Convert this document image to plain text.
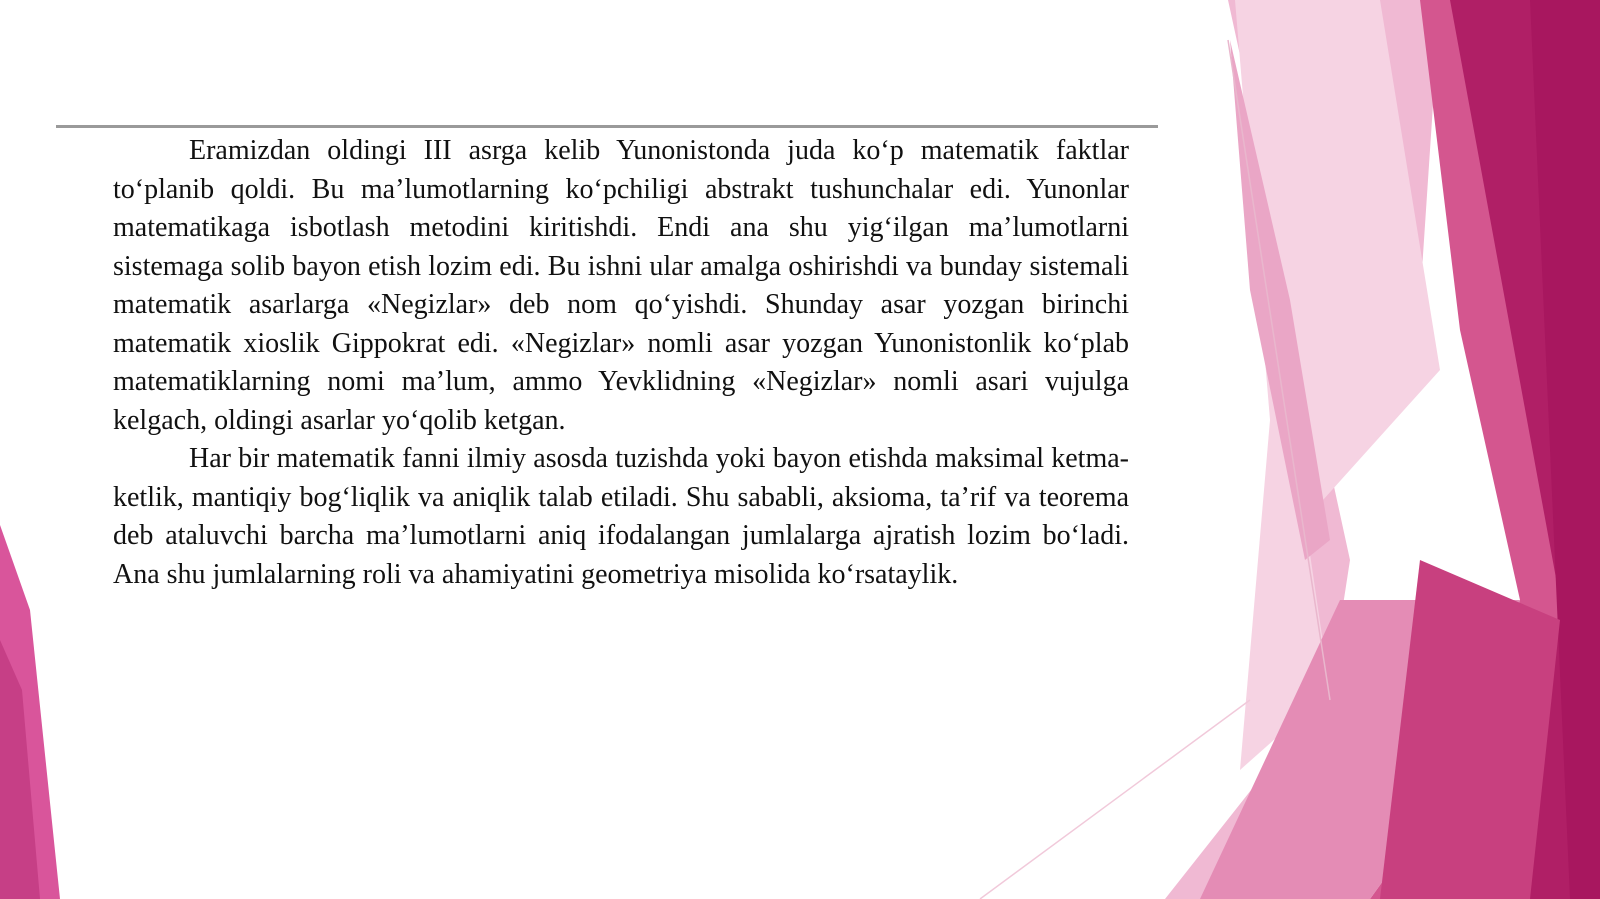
Eramizdan oldingi III asrga kelib Yunonistonda juda ko‘p matematik faktlar to‘planib qoldi. Bu ma’lumotlarning ko‘pchiligi abstrakt tushunchalar edi. Yunonlar matematikaga isbotlash metodini kiritishdi. Endi ana shu yig‘ilgan ma’lumotlarni sistemaga solib bayon etish lozim edi. Bu ishni ular amalga oshirishdi va bunday sistemali matematik asarlarga «Negizlar» deb nom qo‘yishdi. Shunday asar yozgan birinchi matematik xioslik Gippokrat edi. «Negizlar» nomli asar yozgan Yunonistonlik ko‘plab matematiklarning nomi ma’lum, ammo Yevklidning «Negizlar» nomli asari vujulga kelgach, oldingi asarlar yo‘qolib ketgan.

Har bir matematik fanni ilmiy asosda tuzishda yoki bayon etishda maksimal ketma-ketlik, mantiqiy bog‘liqlik va aniqlik talab etiladi. Shu sababli, aksioma, ta’rif va teorema deb ataluvchi barcha ma’lumotlarni aniq ifodalangan jumlalarga ajratish lozim bo‘ladi. Ana shu jumlalarning roli va ahamiyatini geometriya misolida ko‘rsataylik.
